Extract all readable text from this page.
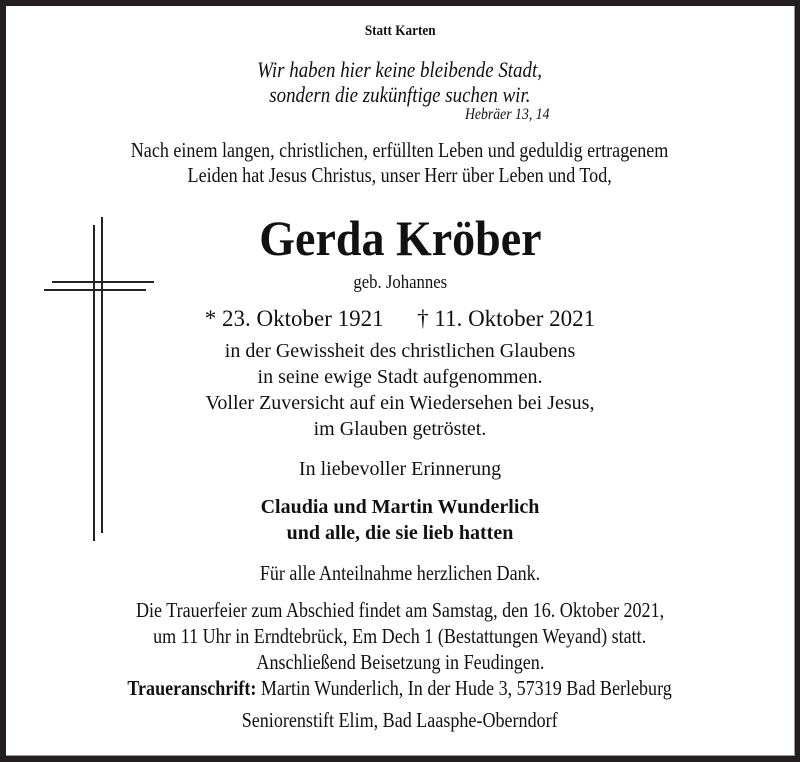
Statt Karten
Wir haben hier keine bleibende Stadt,
sondern die zukünftige suchen wir.
Hebräer 13, 14
Nach einem langen, christlichen, erfüllten Leben und geduldig ertragenem
Leiden hat Jesus Christus, unser Herr über Leben und Tod,
Gerda Kröber
geb. Johannes
* 23. Oktober 1921 † 11. Oktober 2021
in der Gewissheit des christlichen Glaubens
in seine ewige Stadt aufgenommen.
Voller Zuversicht auf ein Wiedersehen bei Jesus,
im Glauben getröstet.
In liebevoller Erinnerung
Claudia und Martin Wunderlich
und alle, die sie lieb hatten
Für alle Anteilnahme herzlichen Dank.
Die Trauerfeier zum Abschied findet am Samstag, den 16. Oktober 2021,
um 11 Uhr in Erndtebrück, Em Dech 1 (Bestattungen Weyand) statt.
Anschließend Beisetzung in Feudingen.
Traueranschrift: Martin Wunderlich, In der Hude 3, 57319 Bad Berleburg
Seniorenstift Elim, Bad Laasphe-Oberndorf
